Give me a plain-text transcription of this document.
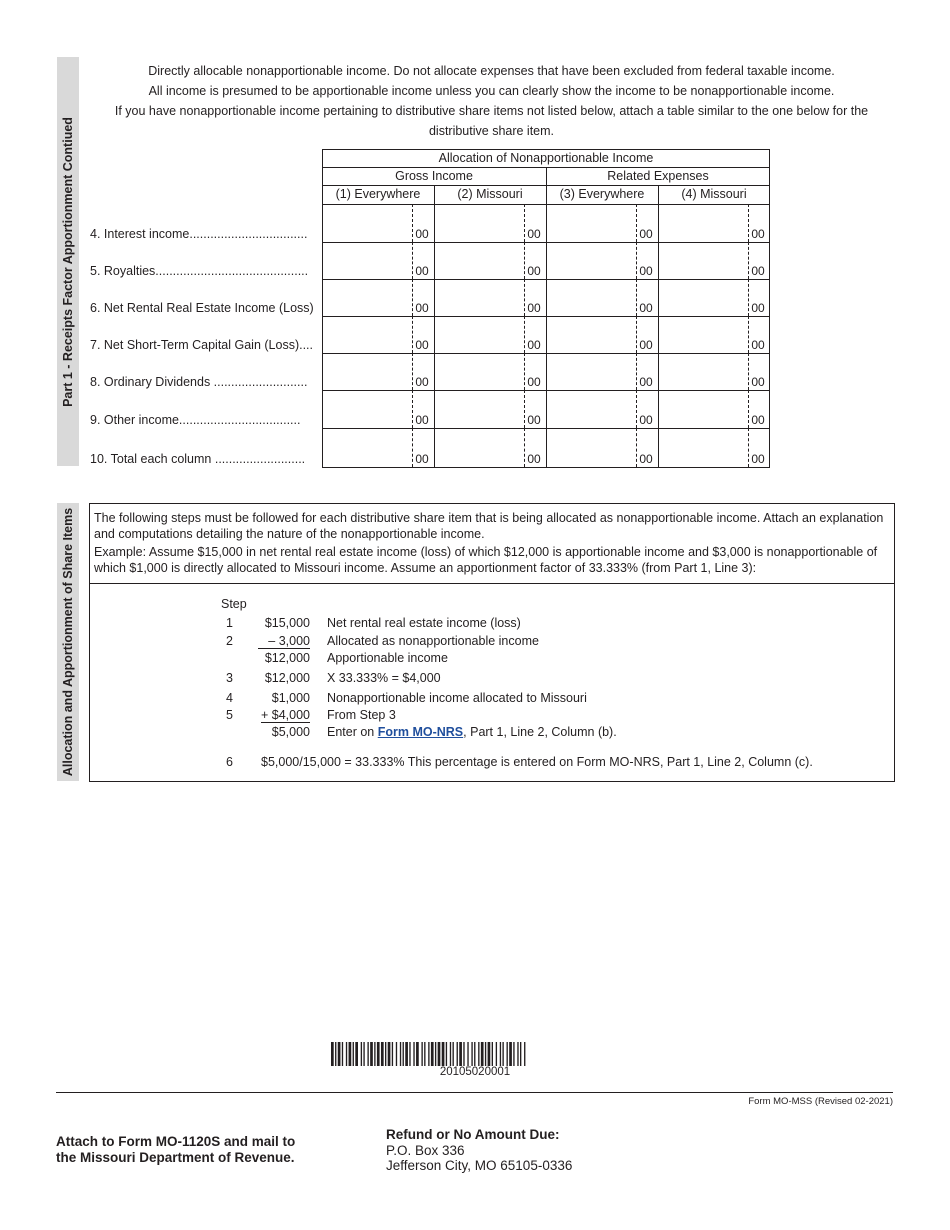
Part 1 - Receipts Factor Apportionment Contiued
Directly allocable nonapportionable income. Do not allocate expenses that have been excluded from federal taxable income.
All income is presumed to be apportionable income unless you can clearly show the income to be nonapportionable income.
If you have nonapportionable income pertaining to distributive share items not listed below, attach a table similar to the one below for the
distributive share item.
Allocation of Nonapportionable Income
Gross Income	Related Expenses
(1) Everywhere	(2) Missouri	(3) Everywhere	(4) Missouri
4. Interest income..................................	00	00	00	00
5. Royalties............................................	00	00	00	00
6. Net Rental Real Estate Income (Loss)	00	00	00	00
7. Net Short-Term Capital Gain (Loss)....	00	00	00	00
8. Ordinary Dividends ...........................	00	00	00	00
9. Other income...................................	00	00	00	00
10. Total each column ..........................	00	00	00	00
Allocation and Apportionment of Share Items The following steps must be followed for each distributive share item that is being allocated as nonapportionable income. Attach an explanation and computations detailing the nature of the nonapportionable income.
Example: Assume $15,000 in net rental real estate income (loss) of which $12,000 is apportionable income and $3,000 is nonapportionable of which $1,000 is directly allocated to Missouri income. Assume an apportionment factor of 33.333% (from Part 1, Line 3):
Step
1	$15,000 Net rental real estate income (loss)
2	– 3,000 Allocated as nonapportionable income
$12,000 Apportionable income
3	$12,000 X 33.333% = $4,000
4	$1,000 Nonapportionable income allocated to Missouri
5	+ $4,000 From Step 3
$5,000 Enter on Form MO-NRS, Part 1, Line 2, Column (b).
6 $5,000/15,000 = 33.333% This percentage is entered on Form MO-NRS, Part 1, Line 2, Column (c).
20105020001
Form MO-MSS (Revised 02-2021)
Attach to Form MO-1120S and mail to
the Missouri Department of Revenue.
Refund or No Amount Due:
P.O. Box 336
Jefferson City, MO 65105-0336
